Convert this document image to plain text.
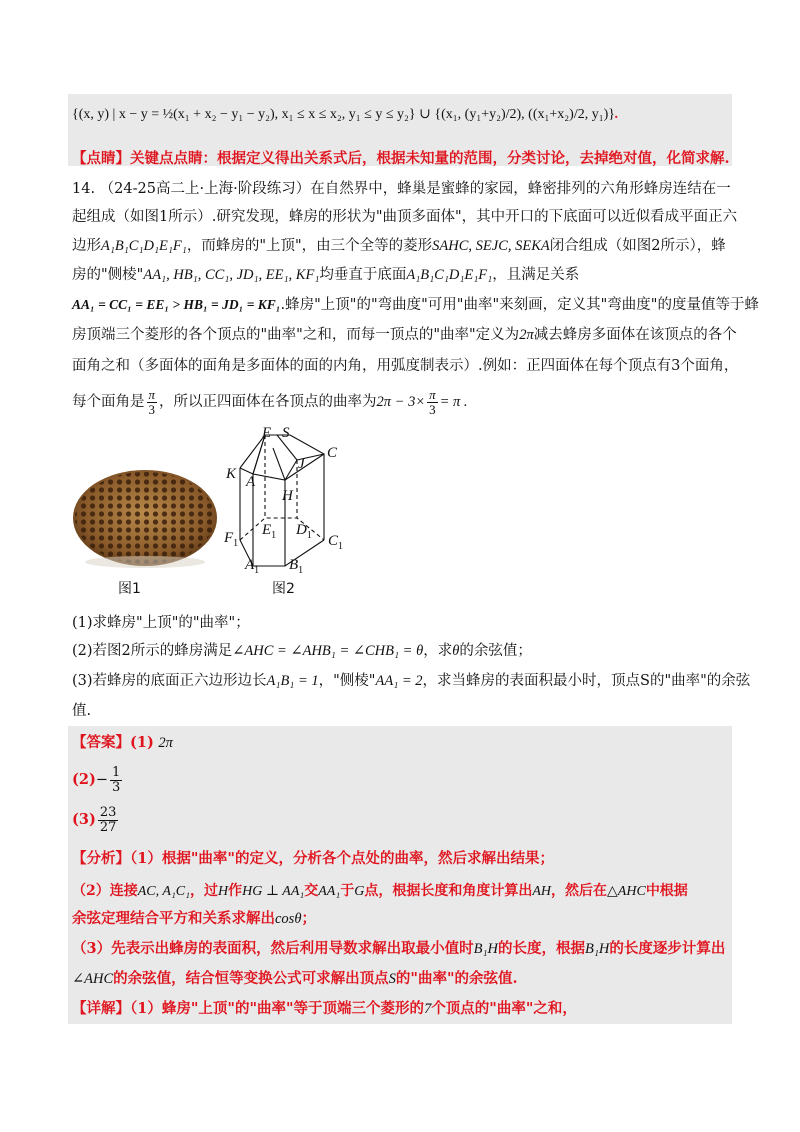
{(x, y) | x − y = ½(x₁ + x₂ − y₁ − y₂), x₁ ≤ x ≤ x₂, y₁ ≤ y ≤ y₂} ∪ {(x₁, (y₁+y₂)/2), ((x₁+x₂)/2, y₁)}.
【点睛】关键点点睛：根据定义得出关系式后，根据未知量的范围，分类讨论，去掉绝对值，化简求解.
14. （24-25高二上·上海·阶段练习）在自然界中，蜂巢是蜜蜂的家园，蜂密排列的六角形蜂房连结在一
起组成（如图1所示）.研究发现，蜂房的形状为"曲顶多面体"，其中开口的下底面可以近似看成平面正六
边形A₁B₁C₁D₁E₁F₁，而蜂房的"上顶"，由三个全等的菱形SAHC, SEJC, SEKA闭合组成（如图2所示），蜂
房的"侧棱"AA₁, HB₁, CC₁, JD₁, EE₁, KF₁均垂直于底面A₁B₁C₁D₁E₁F₁，且满足关系
AA₁ = CC₁ = EE₁ > HB₁ = JD₁ = KF₁.蜂房"上顶"的"弯曲度"可用"曲率"来刻画，定义其"弯曲度"的度量值等于蜂
房顶端三个菱形的各个顶点的"曲率"之和，而每一顶点的"曲率"定义为2π减去蜂房多面体在该顶点的各个
面角之和（多面体的面角是多面体的面的内角，用弧度制表示）.例如：正四面体在每个顶点有3个面角，
每个面角是 $\frac{\pi}{3}$ ，所以正四面体在各顶点的曲率为$2\pi - 3\times \frac{\pi}{3} = \pi$ .
图1
E S
C
J
K A
H
$E_1$ $D_1$
$F_1$	$C_1$
$A_1$ $B_1$
图2
(1)求蜂房"上顶"的"曲率"；
(2)若图2所示的蜂房满足∠AHC = ∠AHB₁ = ∠CHB₁ = θ，求θ的余弦值；
(3)若蜂房的底面正六边形边长A₁B₁ = 1，"侧棱"AA₁ = 2，求当蜂房的表面积最小时，顶点S的"曲率"的余弦
值.
【答案】(1) 2π
$(2)- \frac{1}{3}$
$(3) \frac{23}{27}$
【分析】（1）根据"曲率"的定义，分析各个点处的曲率，然后求解出结果；
（2）连接AC, A₁C₁，过H作HG ⊥ AA₁交AA₁于G点，根据长度和角度计算出AH，然后在△AHC中根据
余弦定理结合平方和关系求解出cosθ；
（3）先表示出蜂房的表面积，然后利用导数求解出取最小值时B₁H的长度，根据B₁H的长度逐步计算出
∠AHC的余弦值，结合恒等变换公式可求解出顶点S的"曲率"的余弦值.
【详解】（1）蜂房"上顶"的"曲率"等于顶端三个菱形的7个顶点的"曲率"之和，
